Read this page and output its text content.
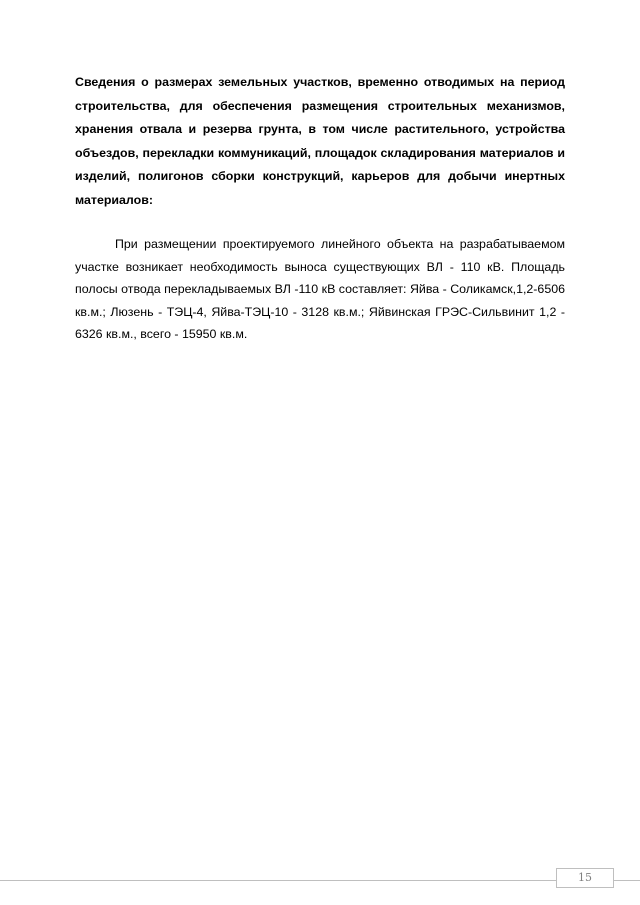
Сведения о размерах земельных участков, временно отводимых на период строительства, для обеспечения размещения строительных механизмов, хранения отвала и резерва грунта, в том числе растительного, устройства объездов, перекладки коммуникаций, площадок складирования материалов и изделий, полигонов сборки конструкций, карьеров для добычи инертных материалов:

При размещении проектируемого линейного объекта на разрабатываемом участке возникает необходимость выноса существующих ВЛ - 110 кВ. Площадь полосы отвода перекладываемых ВЛ -110 кВ составляет: Яйва - Соликамск,1,2-6506 кв.м.; Люзень - ТЭЦ-4, Яйва-ТЭЦ-10 - 3128 кв.м.; Яйвинская ГРЭС-Сильвинит 1,2 - 6326 кв.м., всего - 15950 кв.м.

15
